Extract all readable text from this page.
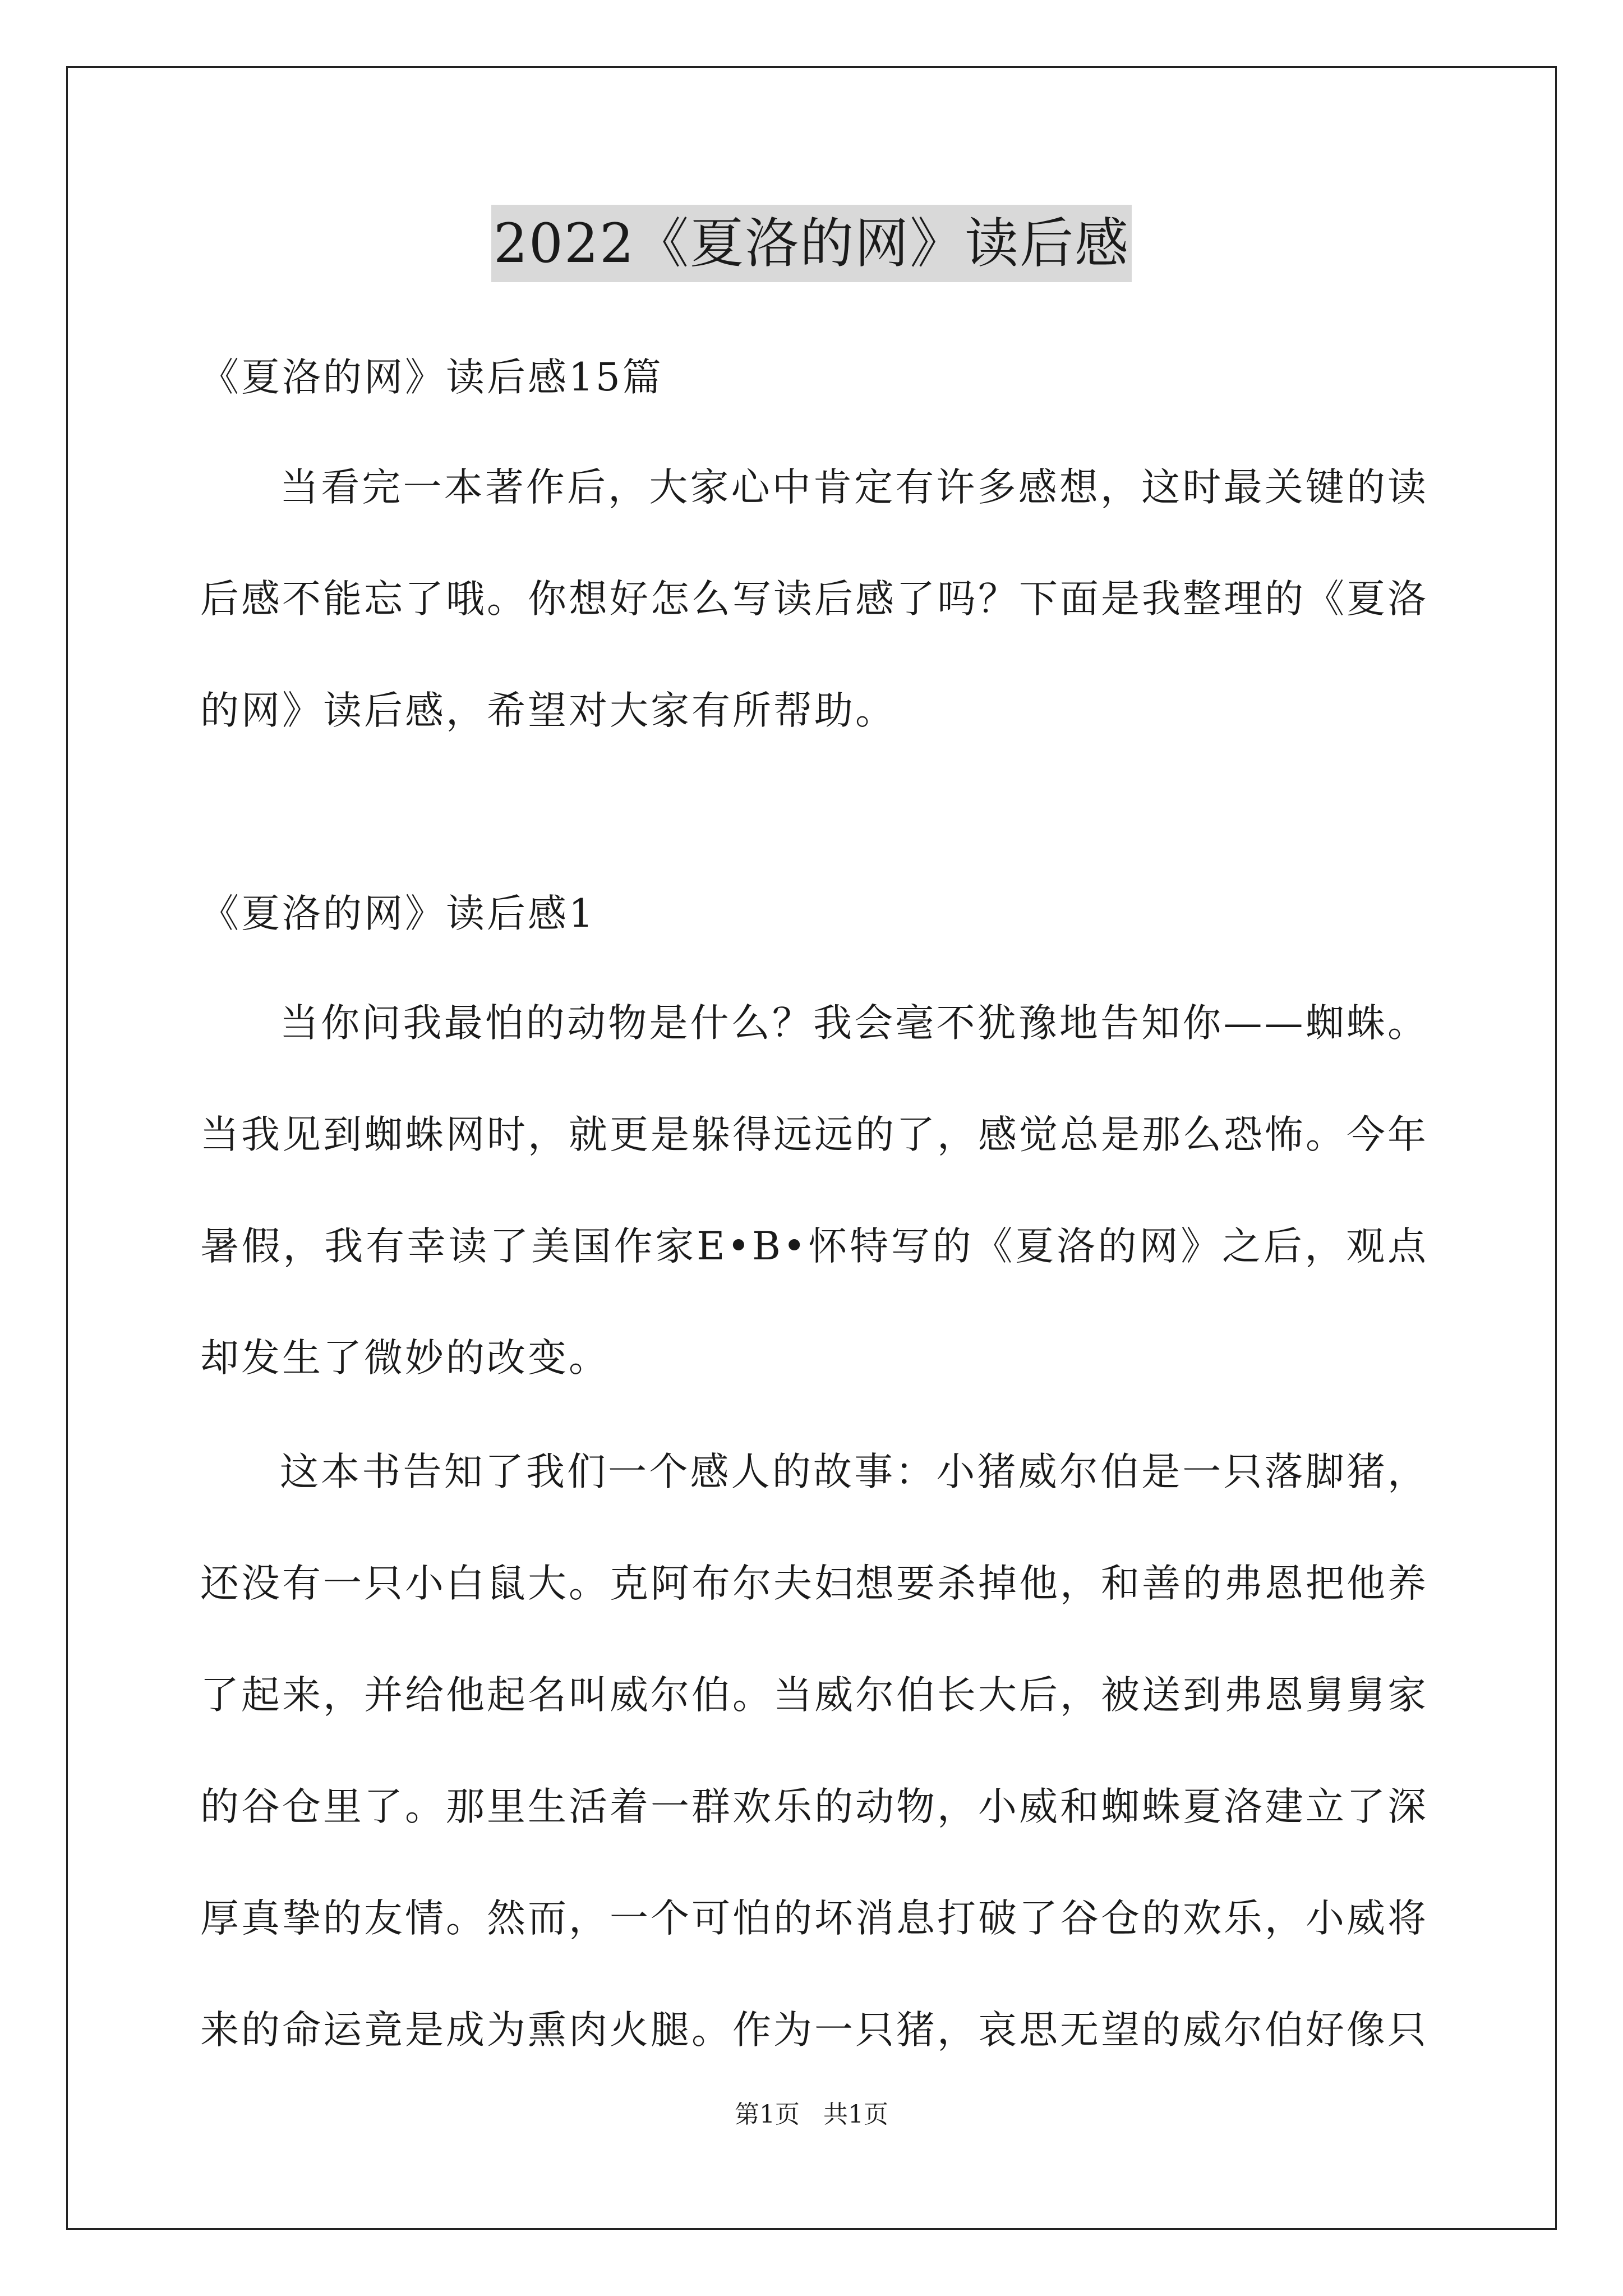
2022《夏洛的网》读后感
《夏洛的网》读后感15篇
当看完一本著作后，大家心中肯定有许多感想，这时最关键的读后感不能忘了哦。你想好怎么写读后感了吗？下面是我整理的《夏洛的网》读后感，希望对大家有所帮助。
《夏洛的网》读后感1
当你问我最怕的动物是什么？我会毫不犹豫地告知你——蜘蛛。当我见到蜘蛛网时，就更是躲得远远的了，感觉总是那么恐怖。今年暑假，我有幸读了美国作家E•B•怀特写的《夏洛的网》之后，观点却发生了微妙的改变。
这本书告知了我们一个感人的故事：小猪威尔伯是一只落脚猪，还没有一只小白鼠大。克阿布尔夫妇想要杀掉他，和善的弗恩把他养了起来，并给他起名叫威尔伯。当威尔伯长大后，被送到弗恩舅舅家的谷仓里了。那里生活着一群欢乐的动物，小威和蜘蛛夏洛建立了深厚真挚的友情。然而，一个可怕的坏消息打破了谷仓的欢乐，小威将来的命运竟是成为熏肉火腿。作为一只猪，哀思无望的威尔伯好像只
第1页 共1页
